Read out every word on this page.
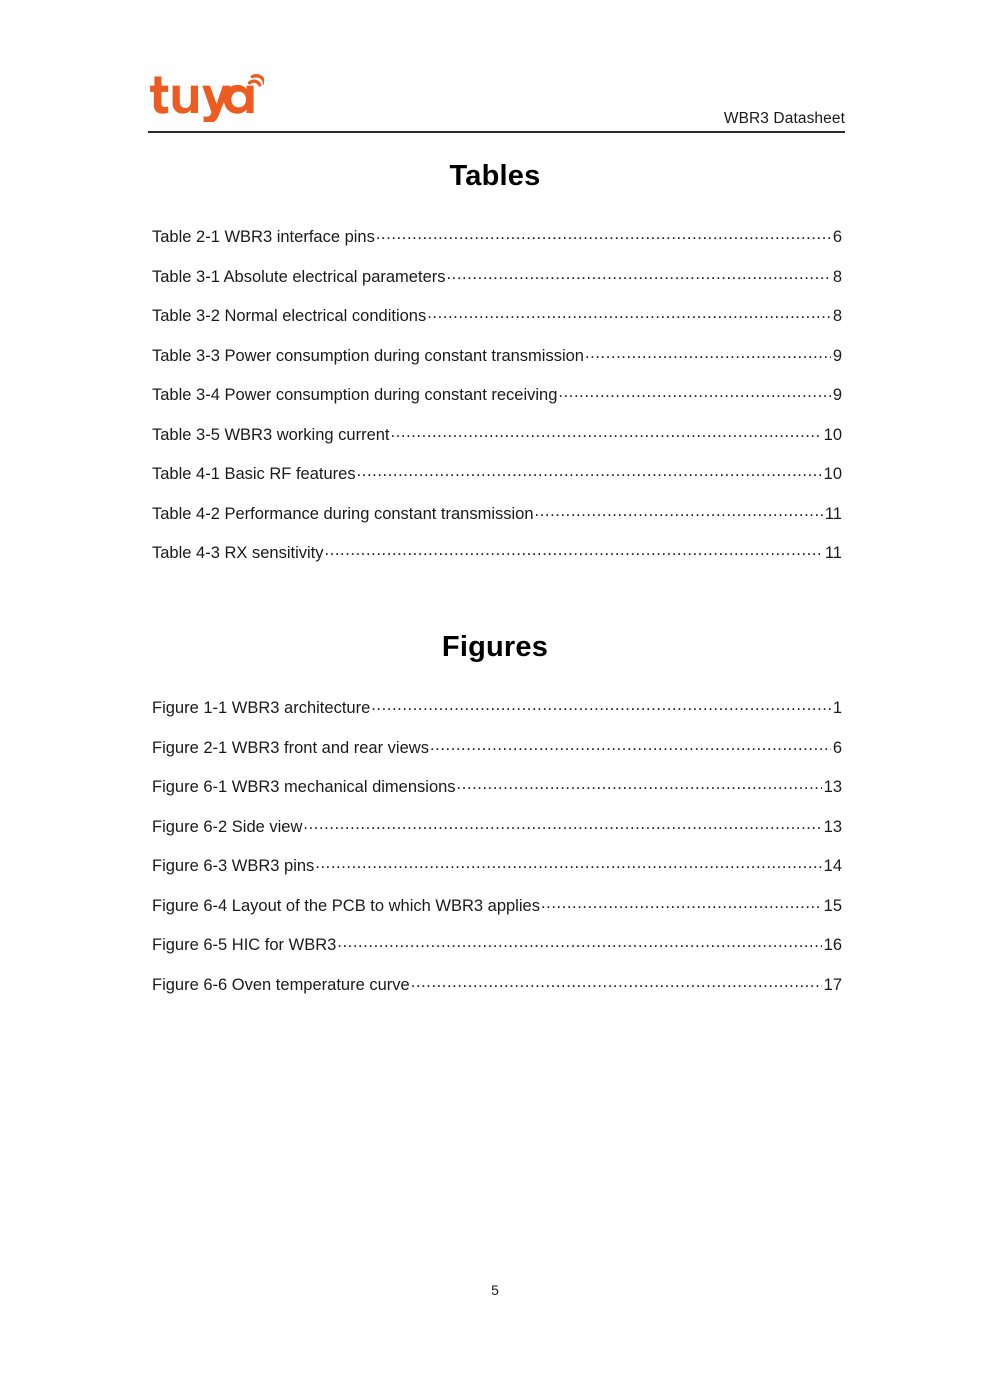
WBR3 Datasheet
Tables
Table 2-1 WBR3 interface pins .....	6
Table 3-1 Absolute electrical parameters .....	8
Table 3-2 Normal electrical conditions .....	8
Table 3-3 Power consumption during constant transmission .....	9
Table 3-4 Power consumption during constant receiving .....	9
Table 3-5 WBR3 working current .....	10
Table 4-1 Basic RF features .....	10
Table 4-2 Performance during constant transmission .....	11
Table 4-3 RX sensitivity .....	11
Figures
Figure 1-1 WBR3 architecture .....	1
Figure 2-1 WBR3 front and rear views .....	6
Figure 6-1 WBR3 mechanical dimensions .....	13
Figure 6-2 Side view .....	13
Figure 6-3 WBR3 pins .....	14
Figure 6-4 Layout of the PCB to which WBR3 applies .....	15
Figure 6-5 HIC for WBR3 .....	16
Figure 6-6 Oven temperature curve .....	17
5
